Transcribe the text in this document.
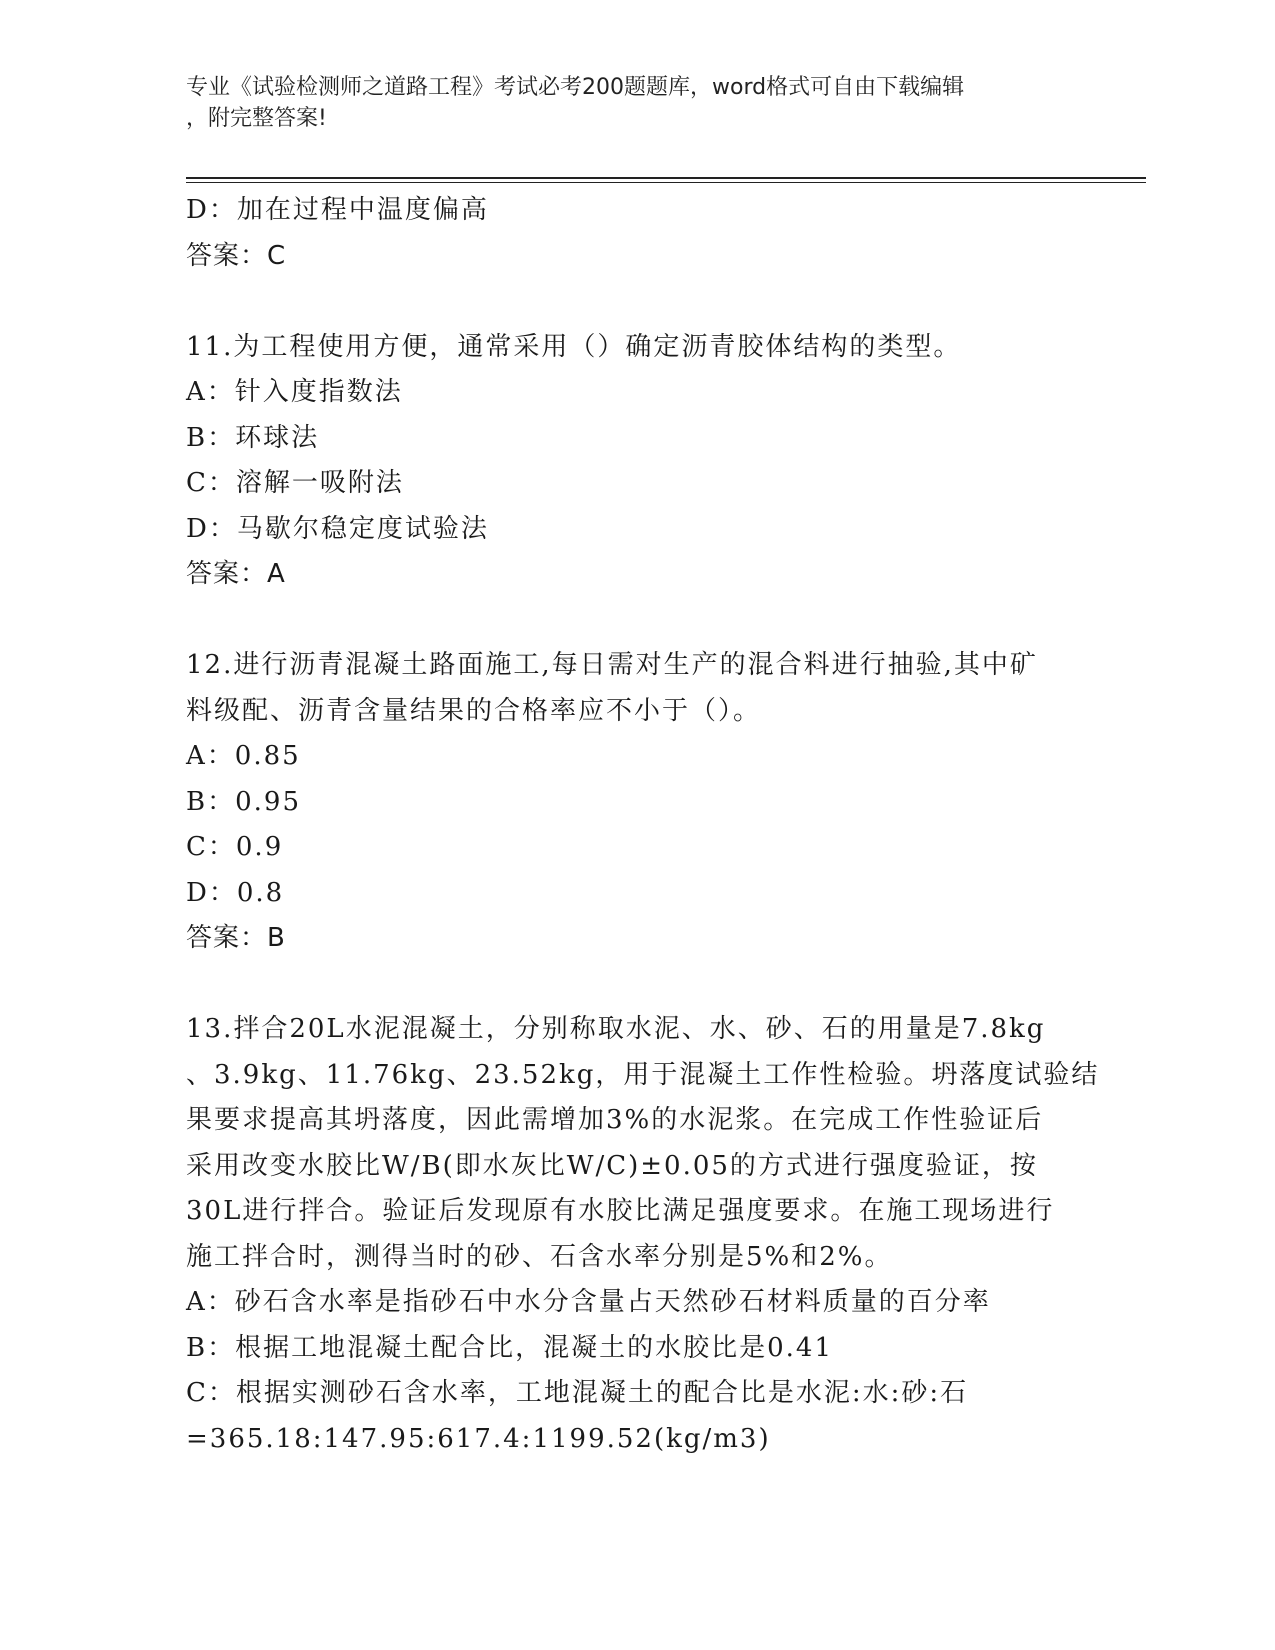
专业《试验检测师之道路工程》考试必考200题题库，word格式可自由下载编辑
，附完整答案!
D：加在过程中温度偏高
答案：C
11.为工程使用方便，通常采用（）确定沥青胶体结构的类型。
A：针入度指数法
B：环球法
C：溶解一吸附法
D：马歇尔稳定度试验法
答案：A
12.进行沥青混凝土路面施工,每日需对生产的混合料进行抽验,其中矿
料级配、沥青含量结果的合格率应不小于（）。
A：0.85
B：0.95
C：0.9
D：0.8
答案：B
13.拌合20L水泥混凝土，分别称取水泥、水、砂、石的用量是7.8kg
、3.9kg、11.76kg、23.52kg，用于混凝土工作性检验。坍落度试验结
果要求提高其坍落度，因此需增加3%的水泥浆。在完成工作性验证后
采用改变水胶比W/B(即水灰比W/C)±0.05的方式进行强度验证，按
30L进行拌合。验证后发现原有水胶比满足强度要求。在施工现场进行
施工拌合时，测得当时的砂、石含水率分别是5%和2%。
A：砂石含水率是指砂石中水分含量占天然砂石材料质量的百分率
B：根据工地混凝土配合比，混凝土的水胶比是0.41
C：根据实测砂石含水率，工地混凝土的配合比是水泥:水:砂:石
=365.18:147.95:617.4:1199.52(kg/m3)
